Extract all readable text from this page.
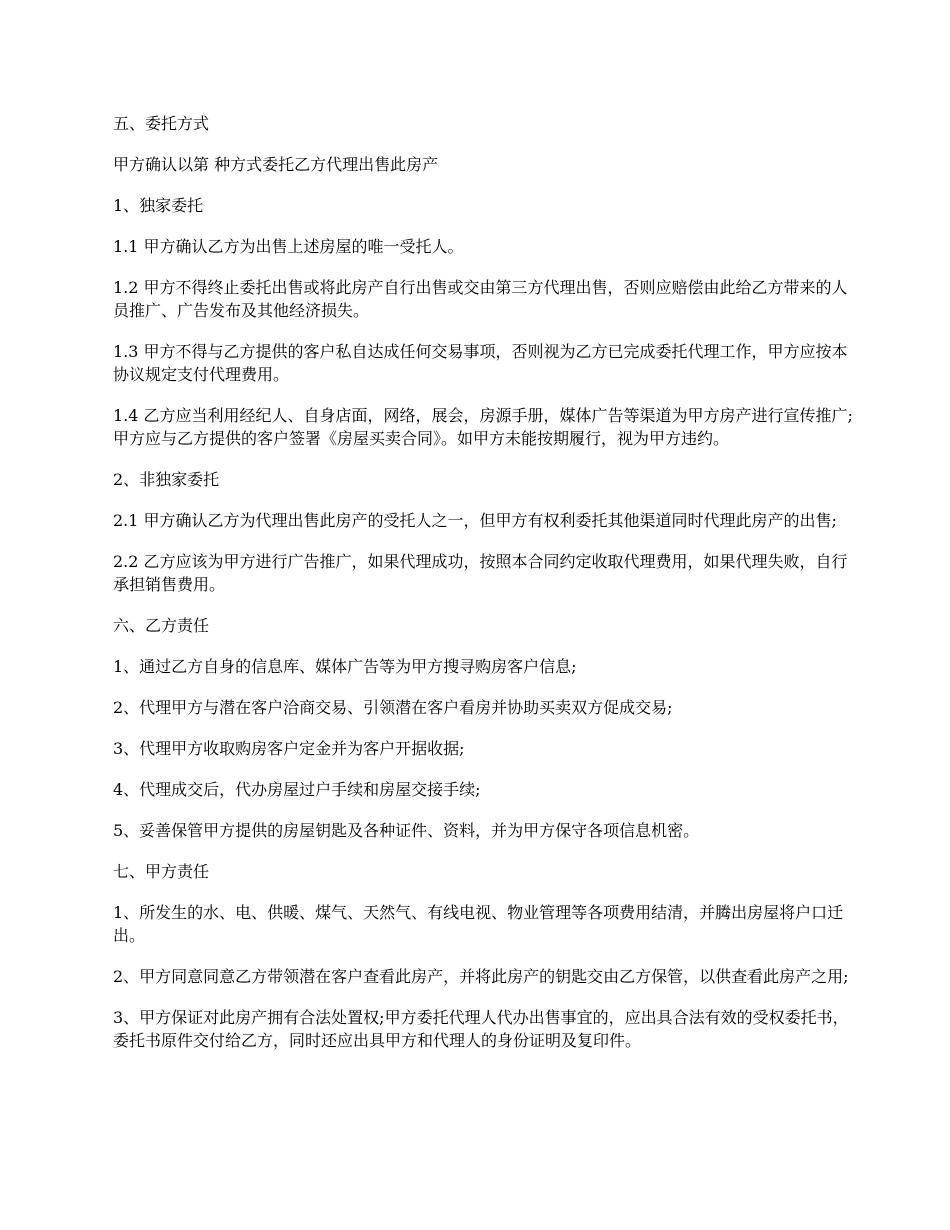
五、委托方式

甲方确认以第 种方式委托乙方代理出售此房产

1、独家委托

1.1 甲方确认乙方为出售上述房屋的唯一受托人。

1.2 甲方不得终止委托出售或将此房产自行出售或交由第三方代理出售，否则应赔偿由此给乙方带来的人员推广、广告发布及其他经济损失。

1.3 甲方不得与乙方提供的客户私自达成任何交易事项，否则视为乙方已完成委托代理工作，甲方应按本协议规定支付代理费用。

1.4 乙方应当利用经纪人、自身店面，网络，展会，房源手册，媒体广告等渠道为甲方房产进行宣传推广;甲方应与乙方提供的客户签署《房屋买卖合同》。如甲方未能按期履行，视为甲方违约。

2、非独家委托

2.1 甲方确认乙方为代理出售此房产的受托人之一，但甲方有权利委托其他渠道同时代理此房产的出售;

2.2 乙方应该为甲方进行广告推广，如果代理成功，按照本合同约定收取代理费用，如果代理失败，自行承担销售费用。

六、乙方责任

1、通过乙方自身的信息库、媒体广告等为甲方搜寻购房客户信息;

2、代理甲方与潜在客户洽商交易、引领潜在客户看房并协助买卖双方促成交易;

3、代理甲方收取购房客户定金并为客户开据收据;

4、代理成交后，代办房屋过户手续和房屋交接手续;

5、妥善保管甲方提供的房屋钥匙及各种证件、资料，并为甲方保守各项信息机密。

七、甲方责任

1、所发生的水、电、供暖、煤气、天然气、有线电视、物业管理等各项费用结清，并腾出房屋将户口迁出。

2、甲方同意同意乙方带领潜在客户查看此房产，并将此房产的钥匙交由乙方保管，以供查看此房产之用;

3、甲方保证对此房产拥有合法处置权;甲方委托代理人代办出售事宜的，应出具合法有效的受权委托书，委托书原件交付给乙方，同时还应出具甲方和代理人的身份证明及复印件。
